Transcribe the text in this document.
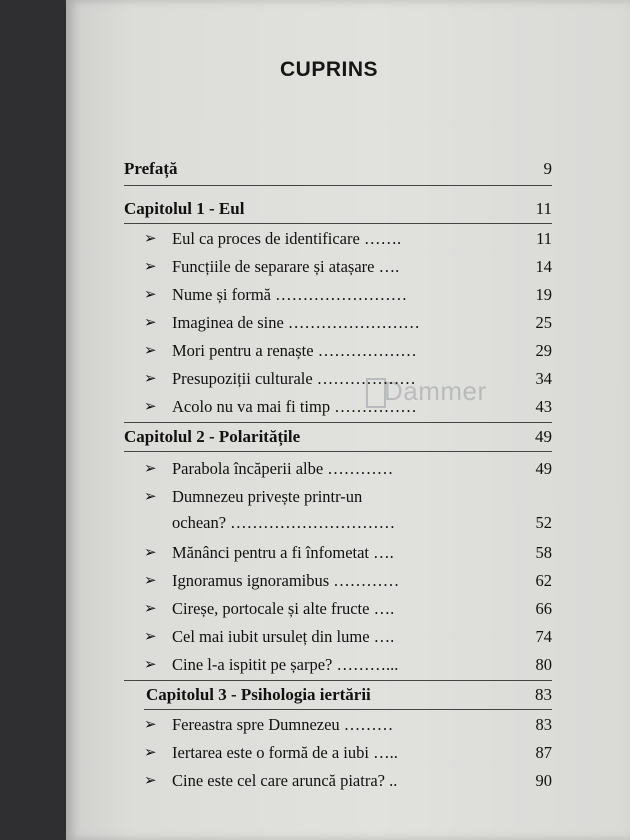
Dammer
CUPRINS
Prefață	9
Capitolul 1 - Eul	11
➢ Eul ca proces de identificare …….	11
➢ Funcțiile de separare și atașare ….	14
➢ Nume și formă ……………………	19
➢ Imaginea de sine ……………………	25
➢ Mori pentru a renaște ………………	29
➢ Presupoziții culturale ………………	34
➢ Acolo nu va mai fi timp ……………	43
Capitolul 2 - Polaritățile	49
➢ Parabola încăperii albe …………	49
➢ Dumnezeu privește printr-un
ochean? …………………………	52
➢ Mănânci pentru a fi înfometat ….	58
➢ Ignoramus ignoramibus …………	62
➢ Cireșe, portocale și alte fructe ….	66
➢ Cel mai iubit ursuleț din lume ….	74
➢ Cine l-a ispitit pe șarpe? ………...	80
Capitolul 3 - Psihologia iertării	83
➢ Fereastra spre Dumnezeu ………	83
➢ Iertarea este o formă de a iubi …..	87
➢ Cine este cel care aruncă piatra? ..	90
